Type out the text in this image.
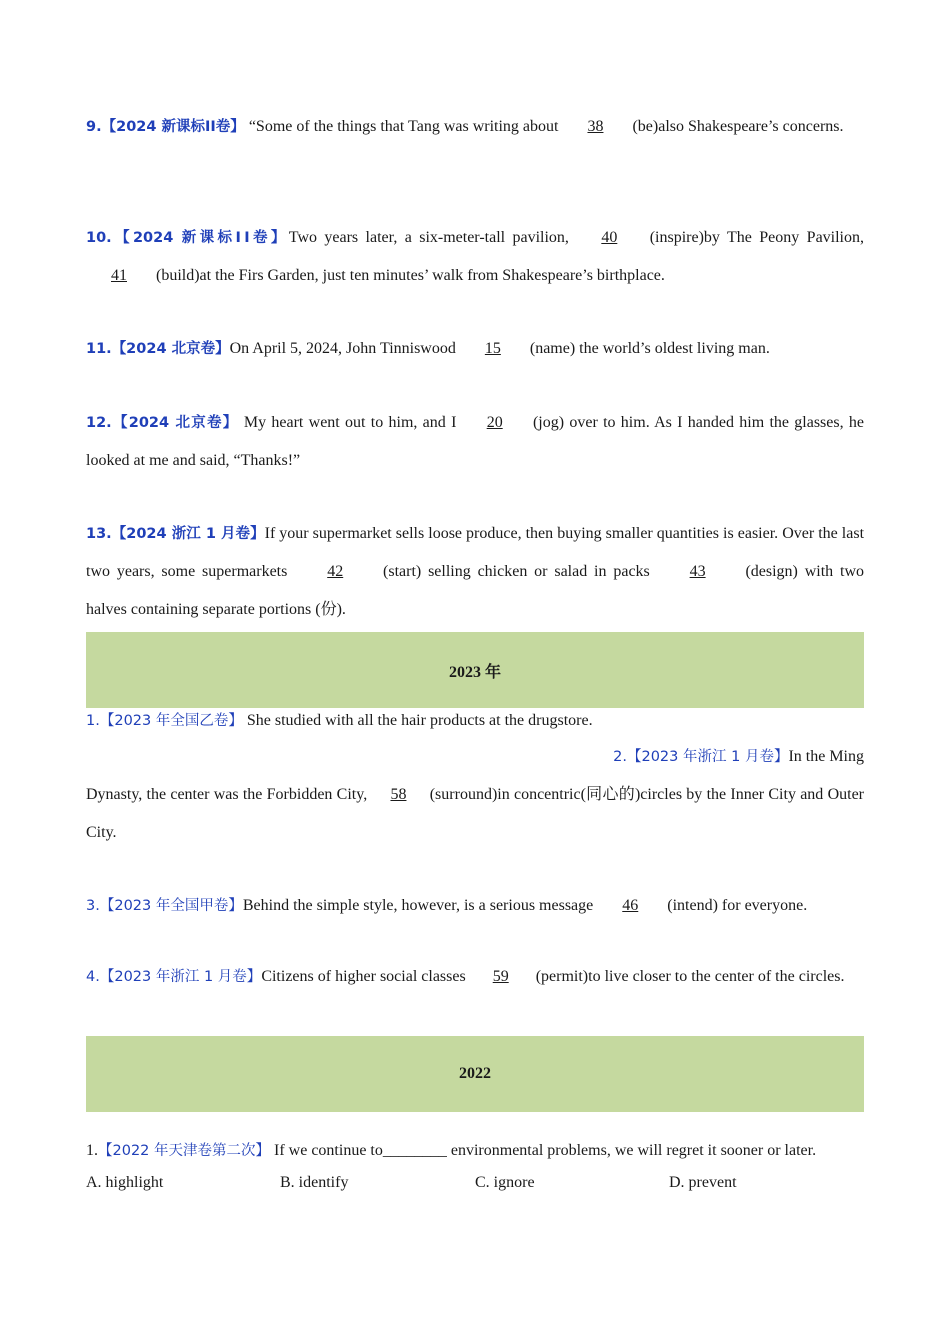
9.【2024 新课标ⅠⅠ卷】 “Some of the things that Tang was writing about 38 (be)also Shakespeare’s concerns.
10.【2024 新课标ⅠⅠ卷】Two years later, a six-meter-tall pavilion, 40 (inspire)by The Peony Pavilion, 41 (build)at the Firs Garden, just ten minutes’ walk from Shakespeare’s birthplace.
11.【2024 北京卷】On April 5, 2024, John Tinniswood 15 (name) the world’s oldest living man.
12.【2024 北京卷】 My heart went out to him, and I 20 (jog) over to him. As I handed him the glasses, he looked at me and said, “Thanks!”
13.【2024 浙江 1 月卷】If your supermarket sells loose produce, then buying smaller quantities is easier. Over the last two years, some supermarkets 42 (start) selling chicken or salad in packs 43 (design) with two halves containing separate portions (份).
2023 年
1.【2023 年全国乙卷】 She studied with all the hair products at the drugstore.
2.【2023 年浙江 1 月卷】In the Ming
Dynasty, the center was the Forbidden City, 58 (surround)in concentric(同心的)circles by the Inner City and Outer City.
3.【2023 年全国甲卷】Behind the simple style, however, is a serious message 46 (intend) for everyone.
4.【2023 年浙江 1 月卷】Citizens of higher social classes 59 (permit)to live closer to the center of the circles.
2022
1.【2022 年天津卷第二次】 If we continue to________ environmental problems, we will regret it sooner or later.
A. highlight	B. identify	C. ignore	D. prevent
